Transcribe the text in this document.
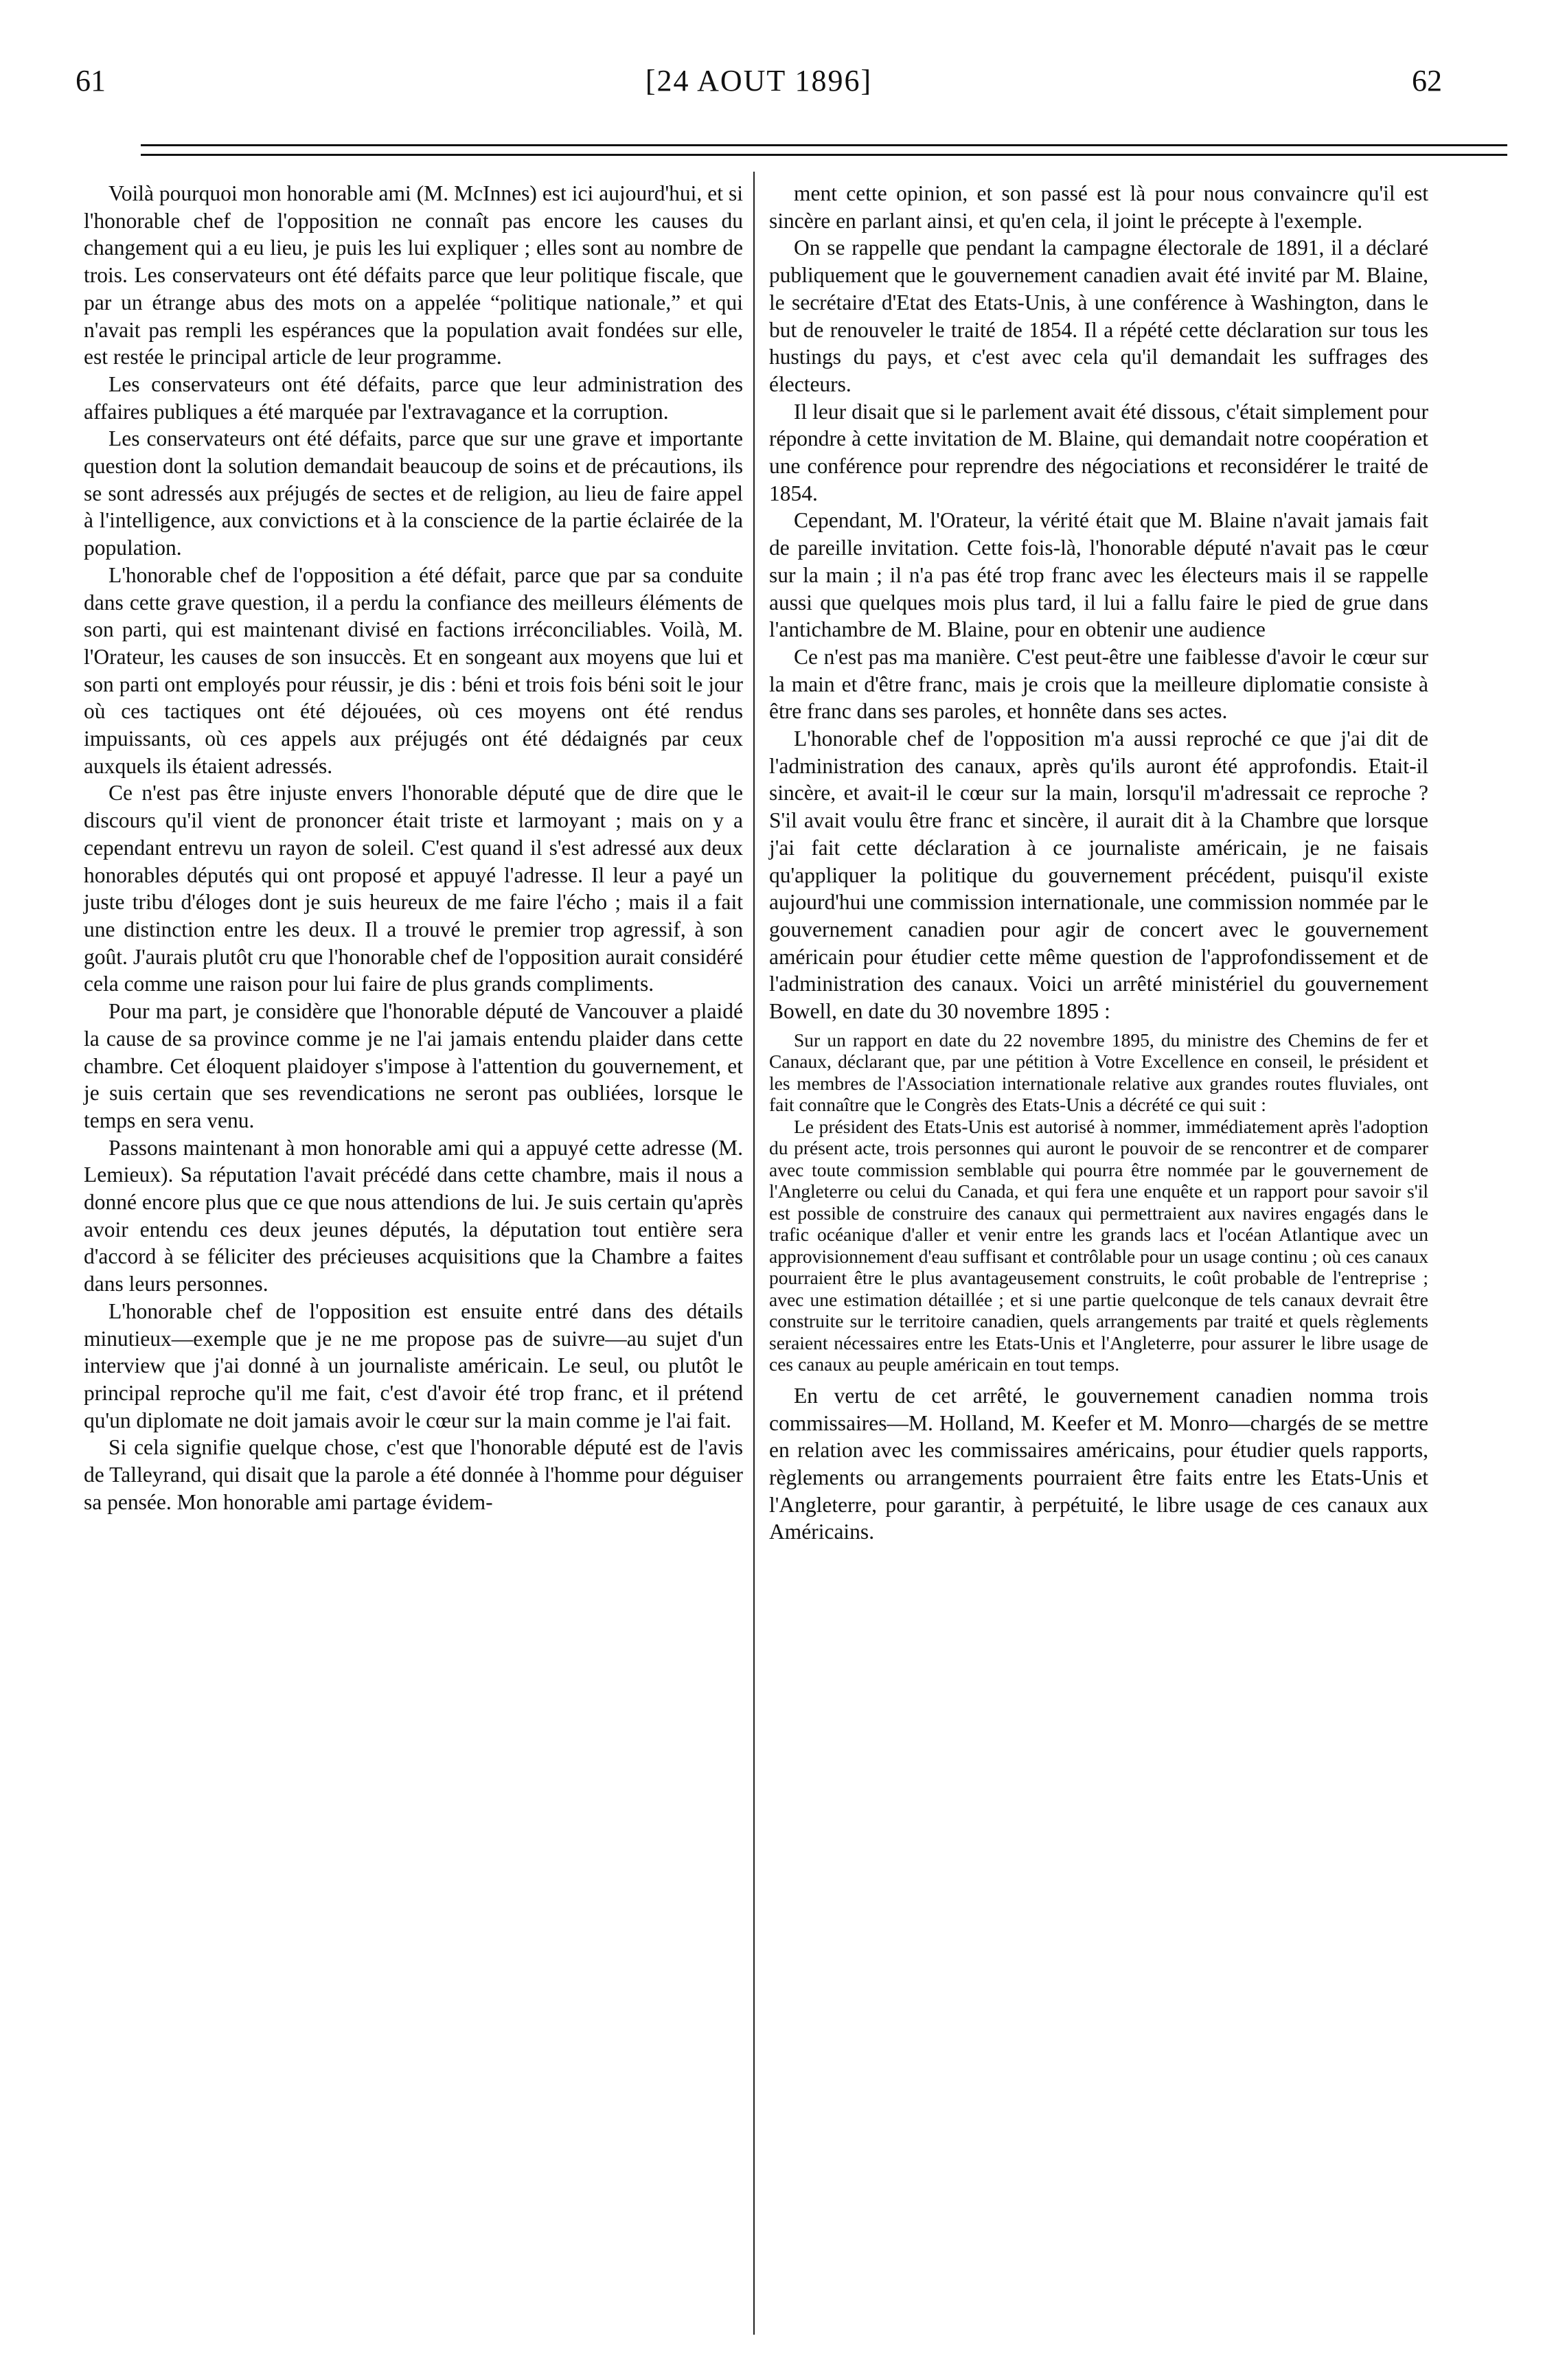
61	[24 AOUT 1896]	62

Voilà pourquoi mon honorable ami (M. McInnes) est ici aujourd'hui, et si l'honorable chef de l'opposition ne connaît pas encore les causes du changement qui a eu lieu, je puis les lui expliquer ; elles sont au nombre de trois. Les conservateurs ont été défaits parce que leur politique fiscale, que par un étrange abus des mots on a appelée “politique nationale,” et qui n'avait pas rempli les espérances que la population avait fondées sur elle, est restée le principal article de leur programme.

Les conservateurs ont été défaits, parce que leur administration des affaires publiques a été marquée par l'extravagance et la corruption.

Les conservateurs ont été défaits, parce que sur une grave et importante question dont la solution demandait beaucoup de soins et de précautions, ils se sont adressés aux préjugés de sectes et de religion, au lieu de faire appel à l'intelligence, aux convictions et à la conscience de la partie éclairée de la population.

L'honorable chef de l'opposition a été défait, parce que par sa conduite dans cette grave question, il a perdu la confiance des meilleurs éléments de son parti, qui est maintenant divisé en factions irréconciliables. Voilà, M. l'Orateur, les causes de son insuccès. Et en songeant aux moyens que lui et son parti ont employés pour réussir, je dis : béni et trois fois béni soit le jour où ces tactiques ont été déjouées, où ces moyens ont été rendus impuissants, où ces appels aux préjugés ont été dédaignés par ceux auxquels ils étaient adressés.

Ce n'est pas être injuste envers l'honorable député que de dire que le discours qu'il vient de prononcer était triste et larmoyant ; mais on y a cependant entrevu un rayon de soleil. C'est quand il s'est adressé aux deux honorables députés qui ont proposé et appuyé l'adresse. Il leur a payé un juste tribu d'éloges dont je suis heureux de me faire l'écho ; mais il a fait une distinction entre les deux. Il a trouvé le premier trop agressif, à son goût. J'aurais plutôt cru que l'honorable chef de l'opposition aurait considéré cela comme une raison pour lui faire de plus grands compliments.

Pour ma part, je considère que l'honorable député de Vancouver a plaidé la cause de sa province comme je ne l'ai jamais entendu plaider dans cette chambre. Cet éloquent plaidoyer s'impose à l'attention du gouvernement, et je suis certain que ses revendications ne seront pas oubliées, lorsque le temps en sera venu.

Passons maintenant à mon honorable ami qui a appuyé cette adresse (M. Lemieux). Sa réputation l'avait précédé dans cette chambre, mais il nous a donné encore plus que ce que nous attendions de lui. Je suis certain qu'après avoir entendu ces deux jeunes députés, la députation tout entière sera d'accord à se féliciter des précieuses acquisitions que la Chambre a faites dans leurs personnes.

L'honorable chef de l'opposition est ensuite entré dans des détails minutieux—exemple que je ne me propose pas de suivre—au sujet d'un interview que j'ai donné à un journaliste américain. Le seul, ou plutôt le principal reproche qu'il me fait, c'est d'avoir été trop franc, et il prétend qu'un diplomate ne doit jamais avoir le cœur sur la main comme je l'ai fait.

Si cela signifie quelque chose, c'est que l'honorable député est de l'avis de Talleyrand, qui disait que la parole a été donnée à l'homme pour déguiser sa pensée. Mon honorable ami partage évidem-

ment cette opinion, et son passé est là pour nous convaincre qu'il est sincère en parlant ainsi, et qu'en cela, il joint le précepte à l'exemple.

On se rappelle que pendant la campagne électorale de 1891, il a déclaré publiquement que le gouvernement canadien avait été invité par M. Blaine, le secrétaire d'Etat des Etats-Unis, à une conférence à Washington, dans le but de renouveler le traité de 1854. Il a répété cette déclaration sur tous les hustings du pays, et c'est avec cela qu'il demandait les suffrages des électeurs.

Il leur disait que si le parlement avait été dissous, c'était simplement pour répondre à cette invitation de M. Blaine, qui demandait notre coopération et une conférence pour reprendre des négociations et reconsidérer le traité de 1854.

Cependant, M. l'Orateur, la vérité était que M. Blaine n'avait jamais fait de pareille invitation. Cette fois-là, l'honorable député n'avait pas le cœur sur la main ; il n'a pas été trop franc avec les électeurs mais il se rappelle aussi que quelques mois plus tard, il lui a fallu faire le pied de grue dans l'antichambre de M. Blaine, pour en obtenir une audience

Ce n'est pas ma manière. C'est peut-être une faiblesse d'avoir le cœur sur la main et d'être franc, mais je crois que la meilleure diplomatie consiste à être franc dans ses paroles, et honnête dans ses actes.

L'honorable chef de l'opposition m'a aussi reproché ce que j'ai dit de l'administration des canaux, après qu'ils auront été approfondis. Etait-il sincère, et avait-il le cœur sur la main, lorsqu'il m'adressait ce reproche ? S'il avait voulu être franc et sincère, il aurait dit à la Chambre que lorsque j'ai fait cette déclaration à ce journaliste américain, je ne faisais qu'appliquer la politique du gouvernement précédent, puisqu'il existe aujourd'hui une commission internationale, une commission nommée par le gouvernement canadien pour agir de concert avec le gouvernement américain pour étudier cette même question de l'approfondissement et de l'administration des canaux. Voici un arrêté ministériel du gouvernement Bowell, en date du 30 novembre 1895 :

Sur un rapport en date du 22 novembre 1895, du ministre des Chemins de fer et Canaux, déclarant que, par une pétition à Votre Excellence en conseil, le président et les membres de l'Association internationale relative aux grandes routes fluviales, ont fait connaître que le Congrès des Etats-Unis a décrété ce qui suit :

Le président des Etats-Unis est autorisé à nommer, immédiatement après l'adoption du présent acte, trois personnes qui auront le pouvoir de se rencontrer et de comparer avec toute commission semblable qui pourra être nommée par le gouvernement de l'Angleterre ou celui du Canada, et qui fera une enquête et un rapport pour savoir s'il est possible de construire des canaux qui permettraient aux navires engagés dans le trafic océanique d'aller et venir entre les grands lacs et l'océan Atlantique avec un approvisionnement d'eau suffisant et contrôlable pour un usage continu ; où ces canaux pourraient être le plus avantageusement construits, le coût probable de l'entreprise ; avec une estimation détaillée ; et si une partie quelconque de tels canaux devrait être construite sur le territoire canadien, quels arrangements par traité et quels règlements seraient nécessaires entre les Etats-Unis et l'Angleterre, pour assurer le libre usage de ces canaux au peuple américain en tout temps.

En vertu de cet arrêté, le gouvernement canadien nomma trois commissaires—M. Holland, M. Keefer et M. Monro—chargés de se mettre en relation avec les commissaires américains, pour étudier quels rapports, règlements ou arrangements pourraient être faits entre les Etats-Unis et l'Angleterre, pour garantir, à perpétuité, le libre usage de ces canaux aux Américains.
